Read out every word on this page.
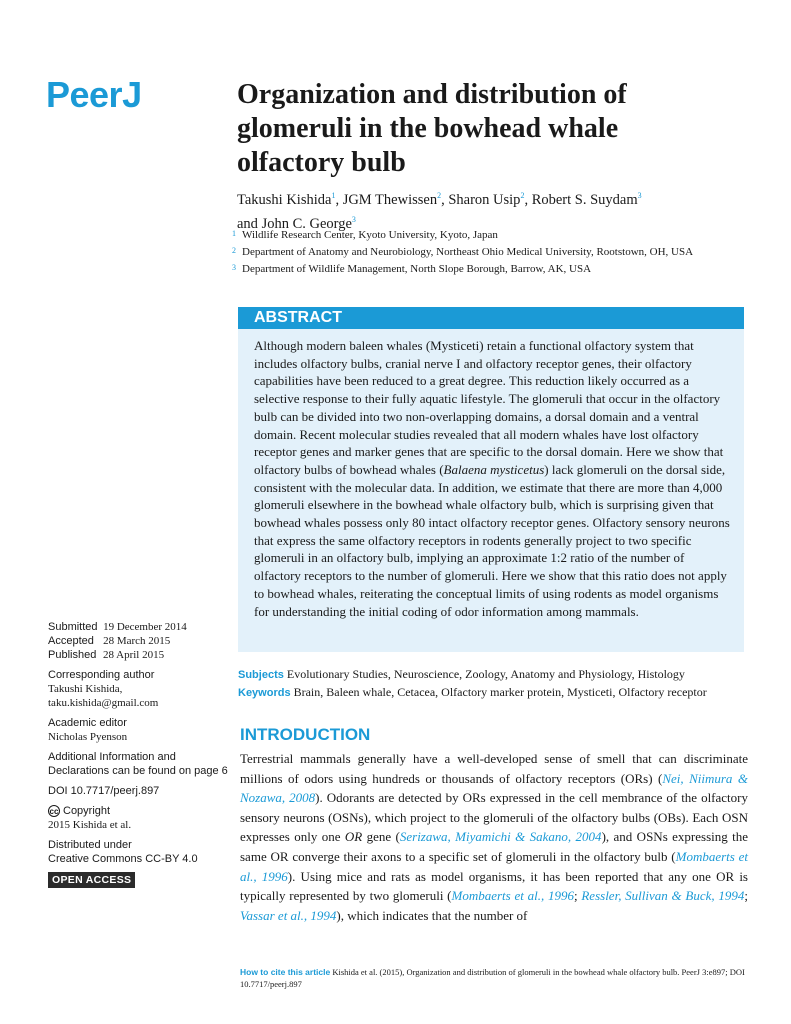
PeerJ	Organization and distribution of glomeruli in the bowhead whale olfactory bulb
Takushi Kishida$^1$, JGM Thewissen$^2$, Sharon Usip$^2$, Robert S. Suydam$^3$
and John C. George$^3$
1 Wildlife Research Center, Kyoto University, Kyoto, Japan
2 Department of Anatomy and Neurobiology, Northeast Ohio Medical University, Rootstown, OH, USA
3 Department of Wildlife Management, North Slope Borough, Barrow, AK, USA
ABSTRACT
Although modern baleen whales (Mysticeti) retain a functional olfactory system that includes olfactory bulbs, cranial nerve I and olfactory receptor genes, their olfactory capabilities have been reduced to a great degree. This reduction likely occurred as a selective response to their fully aquatic lifestyle. The glomeruli that occur in the olfactory bulb can be divided into two non-overlapping domains, a dorsal domain and a ventral domain. Recent molecular studies revealed that all modern whales have lost olfactory receptor genes and marker genes that are specific to the dorsal domain. Here we show that olfactory bulbs of bowhead whales (Balaena mysticetus) lack glomeruli on the dorsal side, consistent with the molecular data. In addition, we estimate that there are more than 4,000 glomeruli elsewhere in the bowhead whale olfactory bulb, which is surprising given that bowhead whales possess only 80 intact olfactory receptor genes. Olfactory sensory neurons that express the same olfactory receptors in rodents generally project to two specific glomeruli in an olfactory bulb, implying an approximate 1:2 ratio of the number of olfactory receptors to the number of glomeruli. Here we show that this ratio does not apply to bowhead whales, reiterating the conceptual limits of using rodents as model organisms for understanding the initial coding of odor information among mammals.
Subjects Evolutionary Studies, Neuroscience, Zoology, Anatomy and Physiology, Histology
Keywords Brain, Baleen whale, Cetacea, Olfactory marker protein, Mysticeti, Olfactory receptor
INTRODUCTION
Terrestrial mammals generally have a well-developed sense of smell that can discriminate millions of odors using hundreds or thousands of olfactory receptors (ORs) (Nei, Niimura & Nozawa, 2008). Odorants are detected by ORs expressed in the cell membrance of the olfactory sensory neurons (OSNs), which project to the glomeruli of the olfactory bulbs (OBs). Each OSN expresses only one OR gene (Serizawa, Miyamichi & Sakano, 2004), and OSNs expressing the same OR converge their axons to a specific set of glomeruli in the olfactory bulb (Mombaerts et al., 1996). Using mice and rats as model organisms, it has been reported that any one OR is typically represented by two glomeruli (Mombaerts et al., 1996; Ressler, Sullivan & Buck, 1994; Vassar et al., 1994), which indicates that the number of
Submitted
19 December 2014
Accepted
28 March 2015
Published 28 April 2015
Corresponding author
Takushi Kishida,
taku.kishida@gmail.com
Academic editor
Nicholas Pyenson
Additional Information and Declarations can be found on page 6
DOI 10.7717/peerj.897
cc Copyright
2015 Kishida et al.
Distributed under
Creative Commons CC-BY 4.0
OPEN ACCESS
How to cite this article Kishida et al. (2015), Organization and distribution of glomeruli in the bowhead whale olfactory bulb. PeerJ 3:e897; DOI 10.7717/peerj.897
